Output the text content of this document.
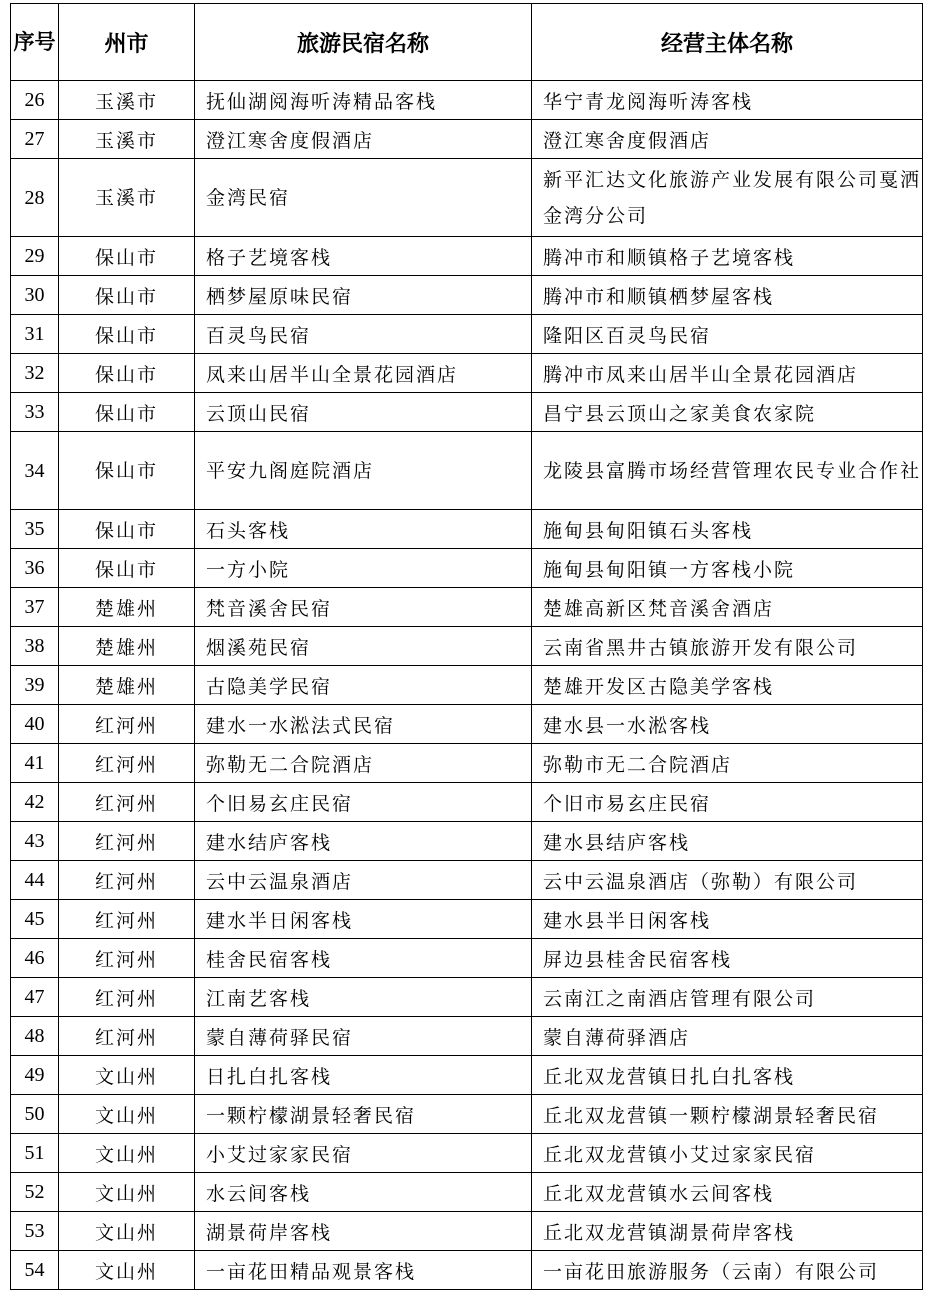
序号	州市	旅游民宿名称	经营主体名称
26	玉溪市	抚仙湖阅海听涛精品客栈	华宁青龙阅海听涛客栈
27	玉溪市	澄江寒舍度假酒店	澄江寒舍度假酒店
28	玉溪市	金湾民宿	新平汇达文化旅游产业发展有限公司戛洒金湾分公司
29	保山市	格子艺境客栈	腾冲市和顺镇格子艺境客栈
30	保山市	栖梦屋原味民宿	腾冲市和顺镇栖梦屋客栈
31	保山市	百灵鸟民宿	隆阳区百灵鸟民宿
32	保山市	凤来山居半山全景花园酒店	腾冲市凤来山居半山全景花园酒店
33	保山市	云顶山民宿	昌宁县云顶山之家美食农家院
34	保山市	平安九阁庭院酒店	龙陵县富腾市场经营管理农民专业合作社
35	保山市	石头客栈	施甸县甸阳镇石头客栈
36	保山市	一方小院	施甸县甸阳镇一方客栈小院
37	楚雄州	梵音溪舍民宿	楚雄高新区梵音溪舍酒店
38	楚雄州	烟溪苑民宿	云南省黑井古镇旅游开发有限公司
39	楚雄州	古隐美学民宿	楚雄开发区古隐美学客栈
40	红河州	建水一水淞法式民宿	建水县一水淞客栈
41	红河州	弥勒无二合院酒店	弥勒市无二合院酒店
42	红河州	个旧易玄庄民宿	个旧市易玄庄民宿
43	红河州	建水结庐客栈	建水县结庐客栈
44	红河州	云中云温泉酒店	云中云温泉酒店（弥勒）有限公司
45	红河州	建水半日闲客栈	建水县半日闲客栈
46	红河州	桂舍民宿客栈	屏边县桂舍民宿客栈
47	红河州	江南艺客栈	云南江之南酒店管理有限公司
48	红河州	蒙自薄荷驿民宿	蒙自薄荷驿酒店
49	文山州	日扎白扎客栈	丘北双龙营镇日扎白扎客栈
50	文山州	一颗柠檬湖景轻奢民宿	丘北双龙营镇一颗柠檬湖景轻奢民宿
51	文山州	小艾过家家民宿	丘北双龙营镇小艾过家家民宿
52	文山州	水云间客栈	丘北双龙营镇水云间客栈
53	文山州	湖景荷岸客栈	丘北双龙营镇湖景荷岸客栈
54	文山州	一亩花田精品观景客栈	一亩花田旅游服务（云南）有限公司
